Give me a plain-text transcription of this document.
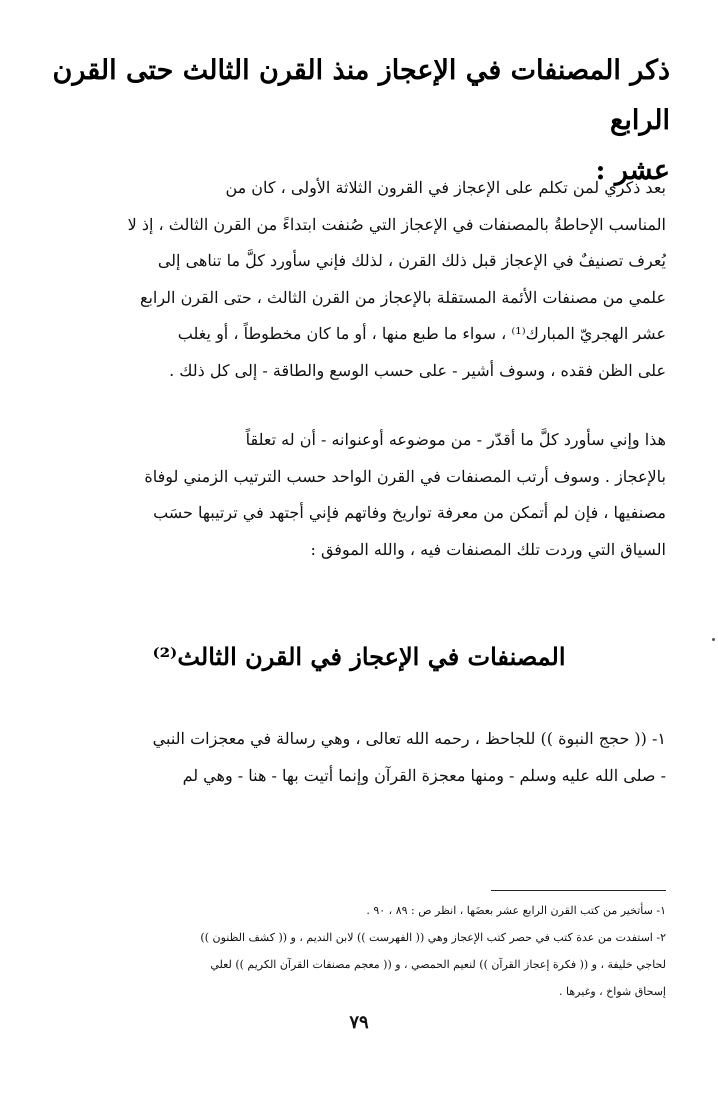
ذكر المصنفات في الإعجاز منذ القرن الثالث حتى القرن الرابع
عشر :
بعد ذكري لمن تكلم على الإعجاز في القرون الثلاثة الأولى ، كان من
المناسب الإحاطةُ بالمصنفات في الإعجاز التي صُنفت ابتداءً من القرن الثالث ، إذ لا
يُعرف تصنيفٌ في الإعجاز قبل ذلك القرن ، لذلك فإني سأورد كلَّ ما تناهى إلى
علمي من مصنفات الأئمة المستقلة بالإعجاز من القرن الثالث ، حتى القرن الرابع
عشر الهجريّ المبارك⁽¹⁾ ، سواء ما طبع منها ، أو ما كان مخطوطاً ، أو يغلب
على الظن فقده ، وسوف أشير - على حسب الوسع والطاقة - إلى كل ذلك .
هذا وإني سأورد كلَّ ما أقدّر - من موضوعه أوعنوانه - أن له تعلقاً
بالإعجاز . وسوف أرتب المصنفات في القرن الواحد حسب الترتيب الزمني لوفاة
مصنفيها ، فإن لم أتمكن من معرفة تواريخ وفاتهم فإني أجتهد في ترتيبها حسَب
السياق التي وردت تلك المصنفات فيه ، والله الموفق :
المصنفات في الإعجاز في القرن الثالث⁽²⁾
١- (( حجج النبوة )) للجاحظ ، رحمه الله تعالى ، وهي رسالة في معجزات النبي
- صلى الله عليه وسلم - ومنها معجزة القرآن وإنما أتيت بها - هنا - وهي لم
١- سأتخير من كتب القرن الرابع عشر بعضَها ، انظر ص : ٨٩ ، ٩٠ .
٢- استفدت من عدة كتب في حصر كتب الإعجاز وهي (( الفهرست )) لابن النديم ، و (( كشف الظنون ))
لحاجي خليفة ، و (( فكرة إعجاز القرآن )) لنعيم الحمصي ، و (( معجم مصنفات القرآن الكريم )) لعلي
إسحاق شواخ ، وغيرها .
٧٩
